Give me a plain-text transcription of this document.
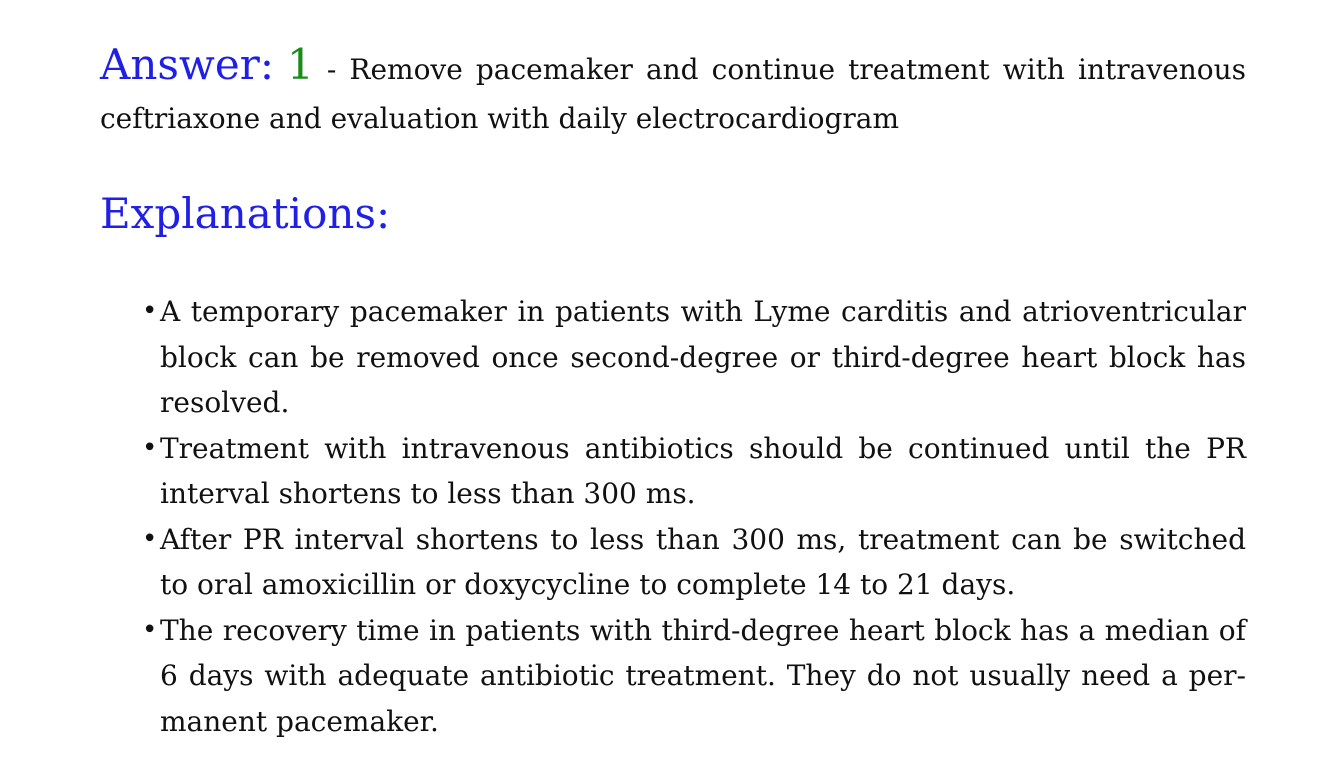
Answer: 1 - Remove pacemaker and continue treatment with intravenous ceftriaxone and evaluation with daily electrocardiogram

Explanations:
• A temporary pacemaker in patients with Lyme carditis and atrioventricular block can be removed once second-degree or third-degree heart block has resolved.
• Treatment with intravenous antibiotics should be continued until the PR interval shortens to less than 300 ms.
• After PR interval shortens to less than 300 ms, treatment can be switched to oral amoxicillin or doxycycline to complete 14 to 21 days.
• The recovery time in patients with third-degree heart block has a median of 6 days with adequate antibiotic treatment. They do not usually need a permanent pacemaker.
